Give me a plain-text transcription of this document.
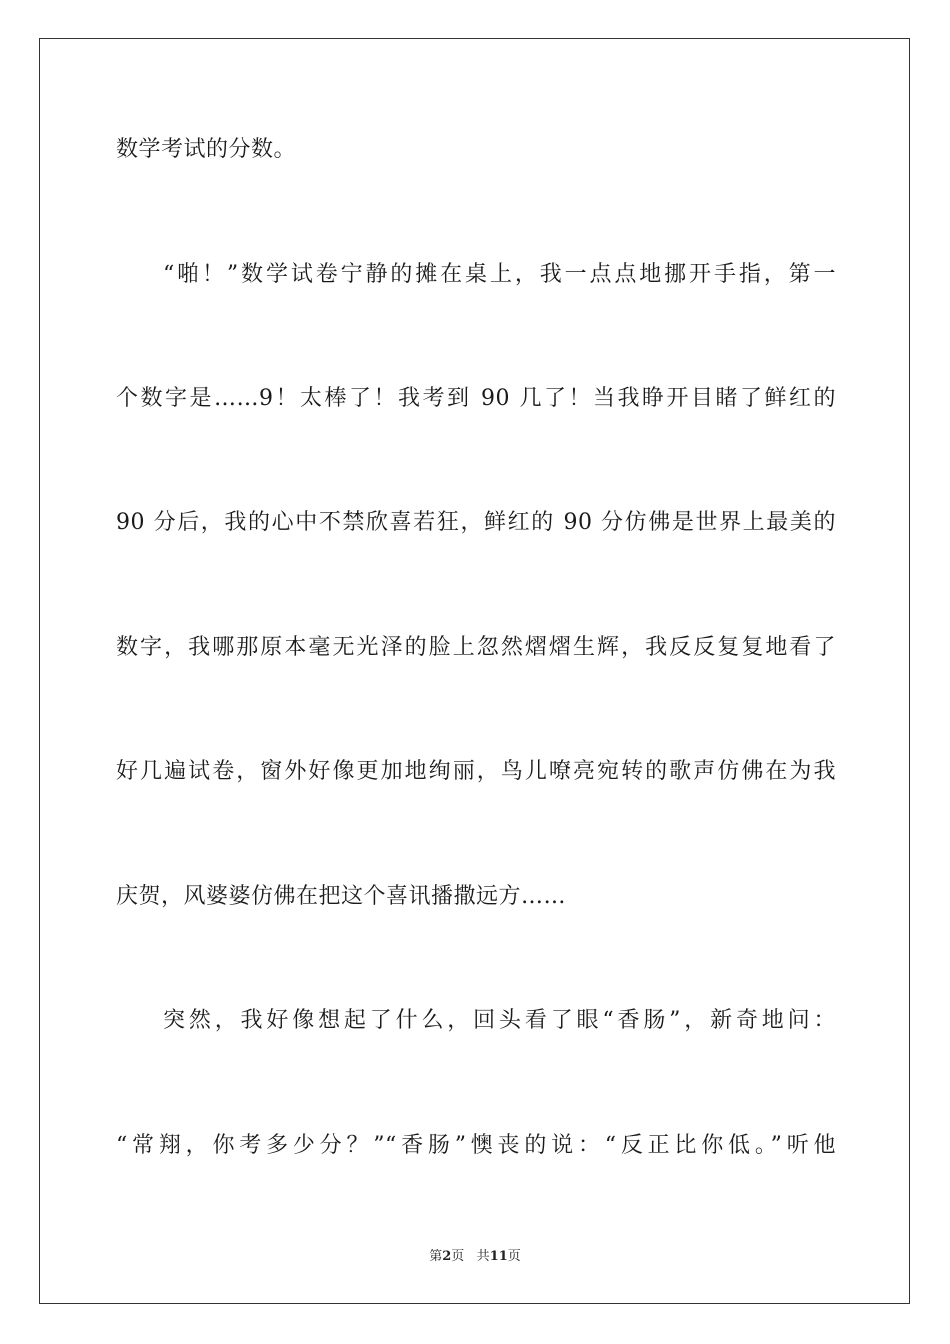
数学考试的分数。
“啪！”数学试卷宁静的摊在桌上，我一点点地挪开手指，第一
个数字是……9！太棒了！我考到 90 几了！当我睁开目睹了鲜红的
90 分后，我的心中不禁欣喜若狂，鲜红的 90 分仿佛是世界上最美的
数字，我哪那原本毫无光泽的脸上忽然熠熠生辉，我反反复复地看了
好几遍试卷，窗外好像更加地绚丽，鸟儿嘹亮宛转的歌声仿佛在为我
庆贺，风婆婆仿佛在把这个喜讯播撒远方……
突然，我好像想起了什么，回头看了眼“香肠”，新奇地问：
“常翔，你考多少分？”“香肠”懊丧的说：“反正比你低。”听他
第2页 共11页
